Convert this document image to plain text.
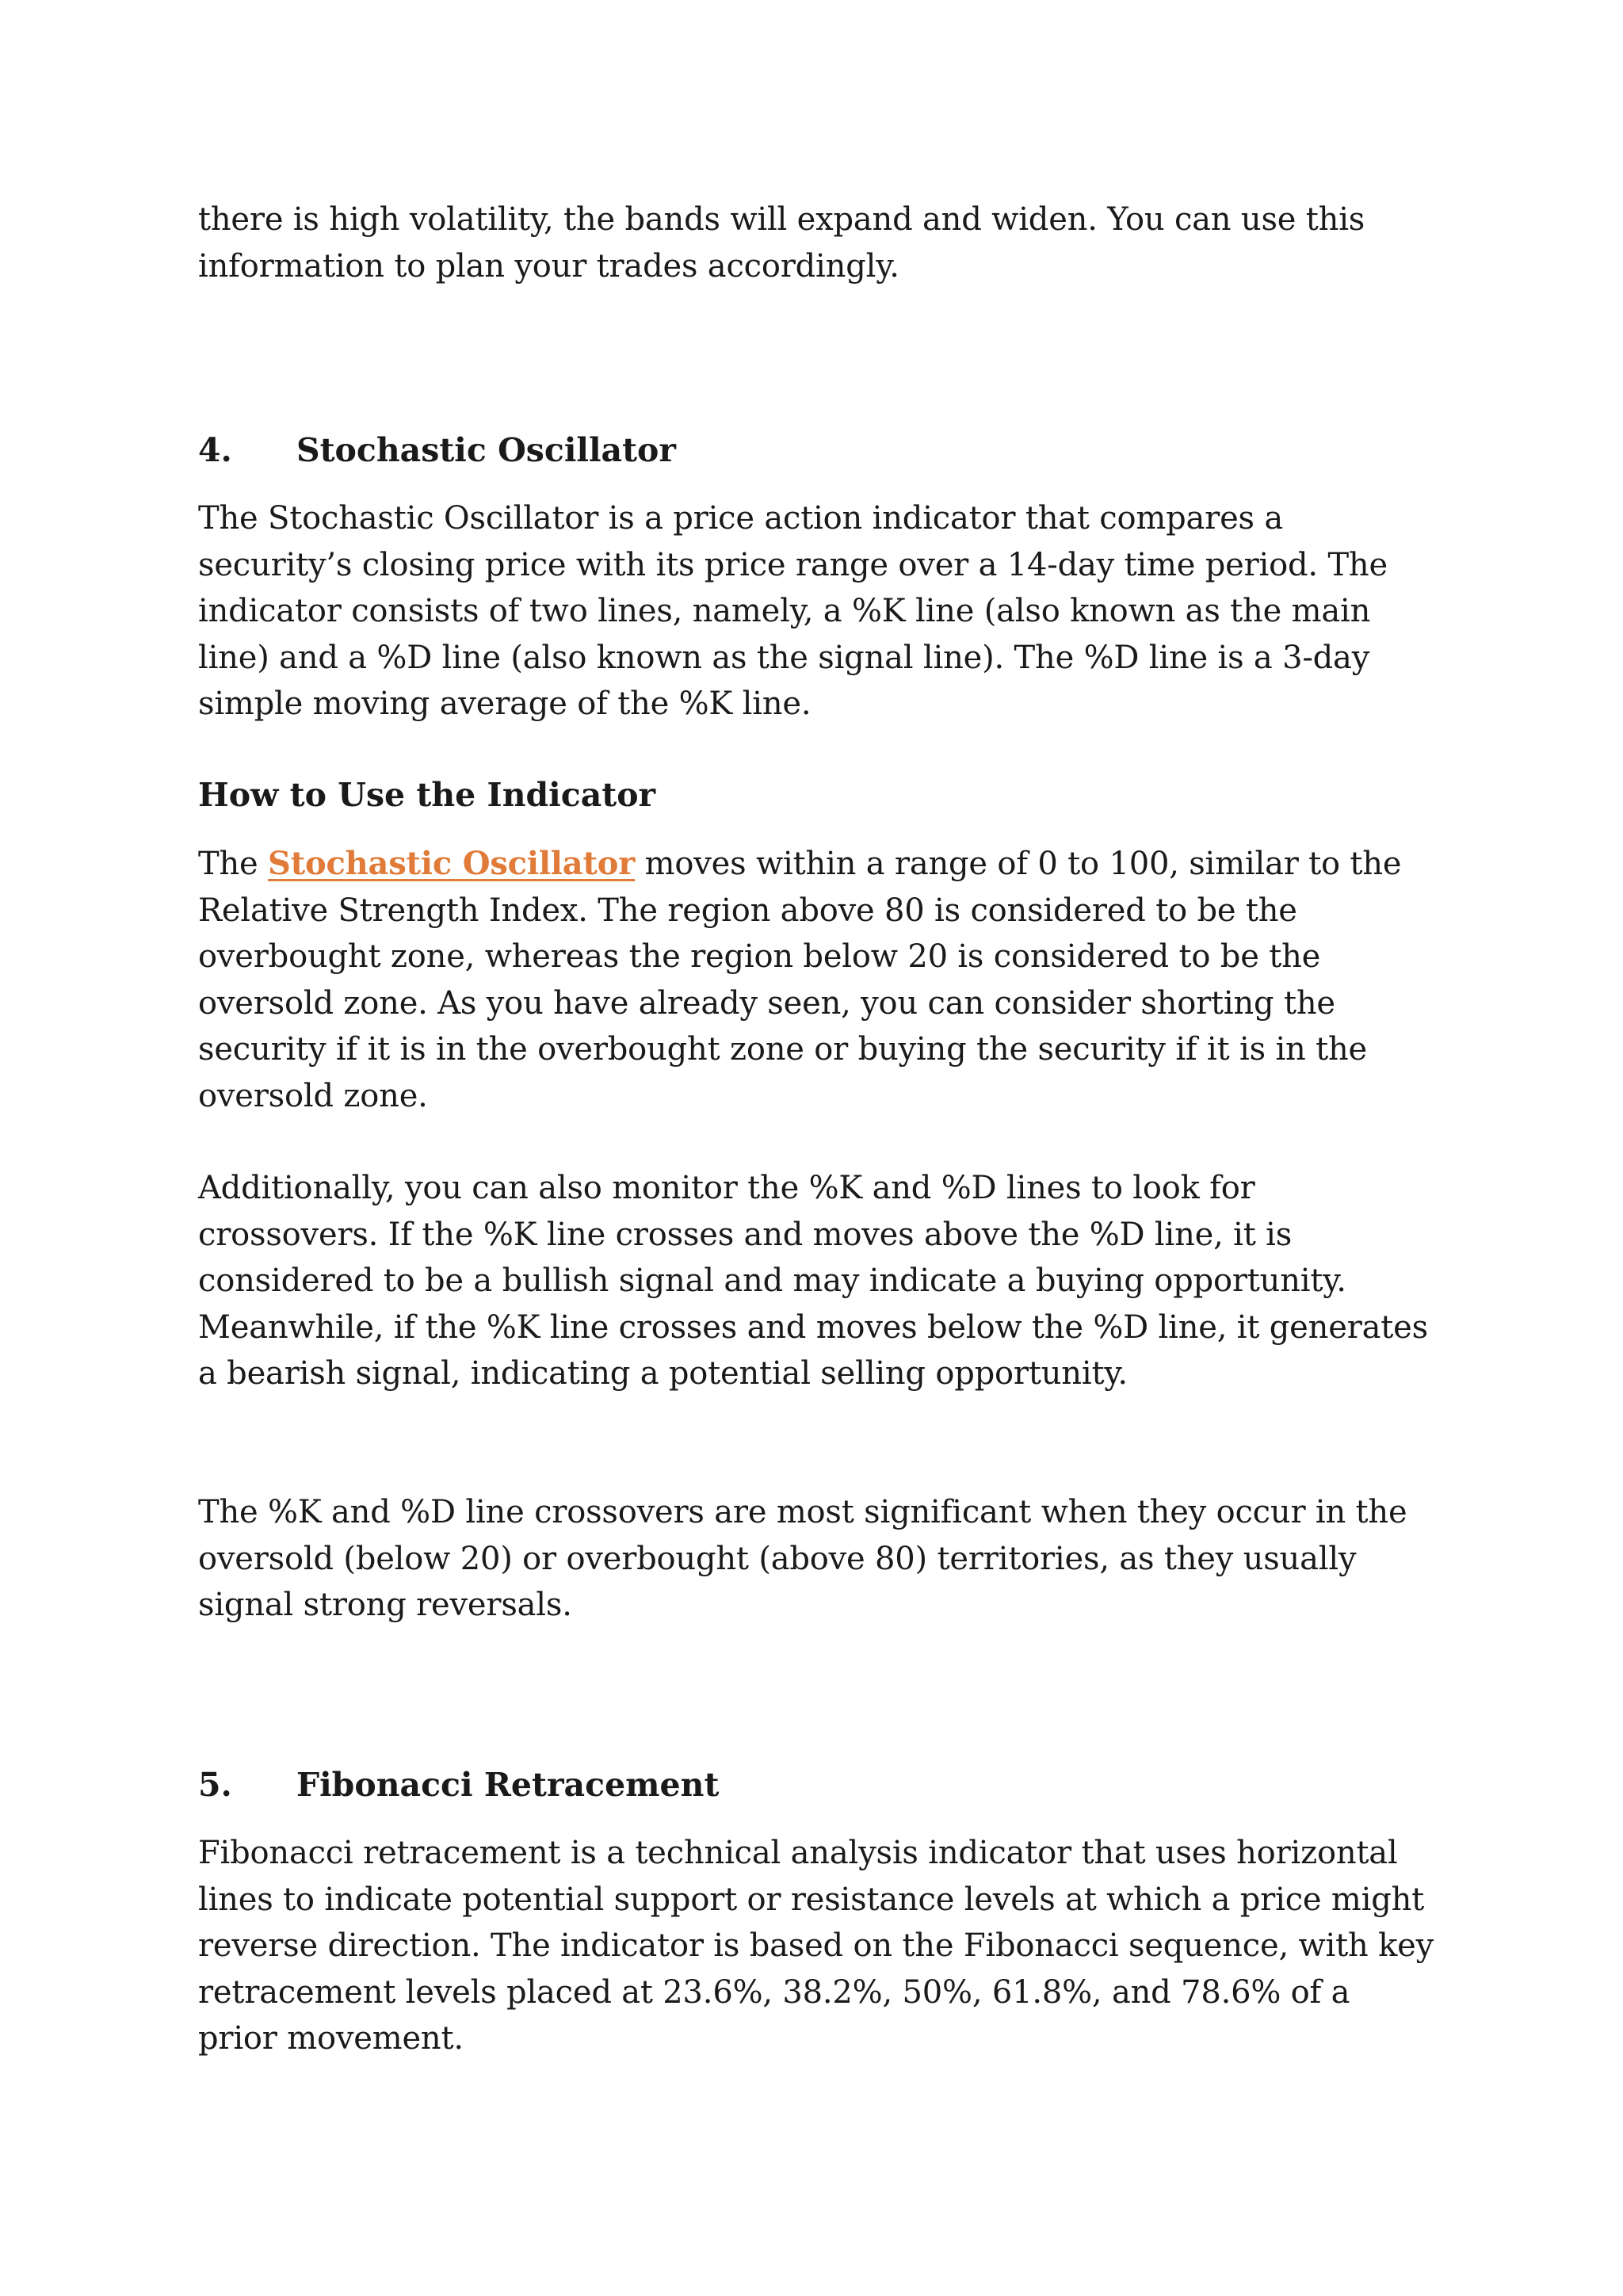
there is high volatility, the bands will expand and widen. You can use this information to plan your trades accordingly.

4. Stochastic Oscillator

The Stochastic Oscillator is a price action indicator that compares a security’s closing price with its price range over a 14-day time period. The indicator consists of two lines, namely, a %K line (also known as the main line) and a %D line (also known as the signal line). The %D line is a 3-day simple moving average of the %K line.

How to Use the Indicator

The Stochastic Oscillator moves within a range of 0 to 100, similar to the Relative Strength Index. The region above 80 is considered to be the overbought zone, whereas the region below 20 is considered to be the oversold zone. As you have already seen, you can consider shorting the security if it is in the overbought zone or buying the security if it is in the oversold zone.

Additionally, you can also monitor the %K and %D lines to look for crossovers. If the %K line crosses and moves above the %D line, it is considered to be a bullish signal and may indicate a buying opportunity. Meanwhile, if the %K line crosses and moves below the %D line, it generates a bearish signal, indicating a potential selling opportunity.

The %K and %D line crossovers are most significant when they occur in the oversold (below 20) or overbought (above 80) territories, as they usually signal strong reversals.

5. Fibonacci Retracement

Fibonacci retracement is a technical analysis indicator that uses horizontal lines to indicate potential support or resistance levels at which a price might reverse direction. The indicator is based on the Fibonacci sequence, with key retracement levels placed at 23.6%, 38.2%, 50%, 61.8%, and 78.6% of a prior movement.
